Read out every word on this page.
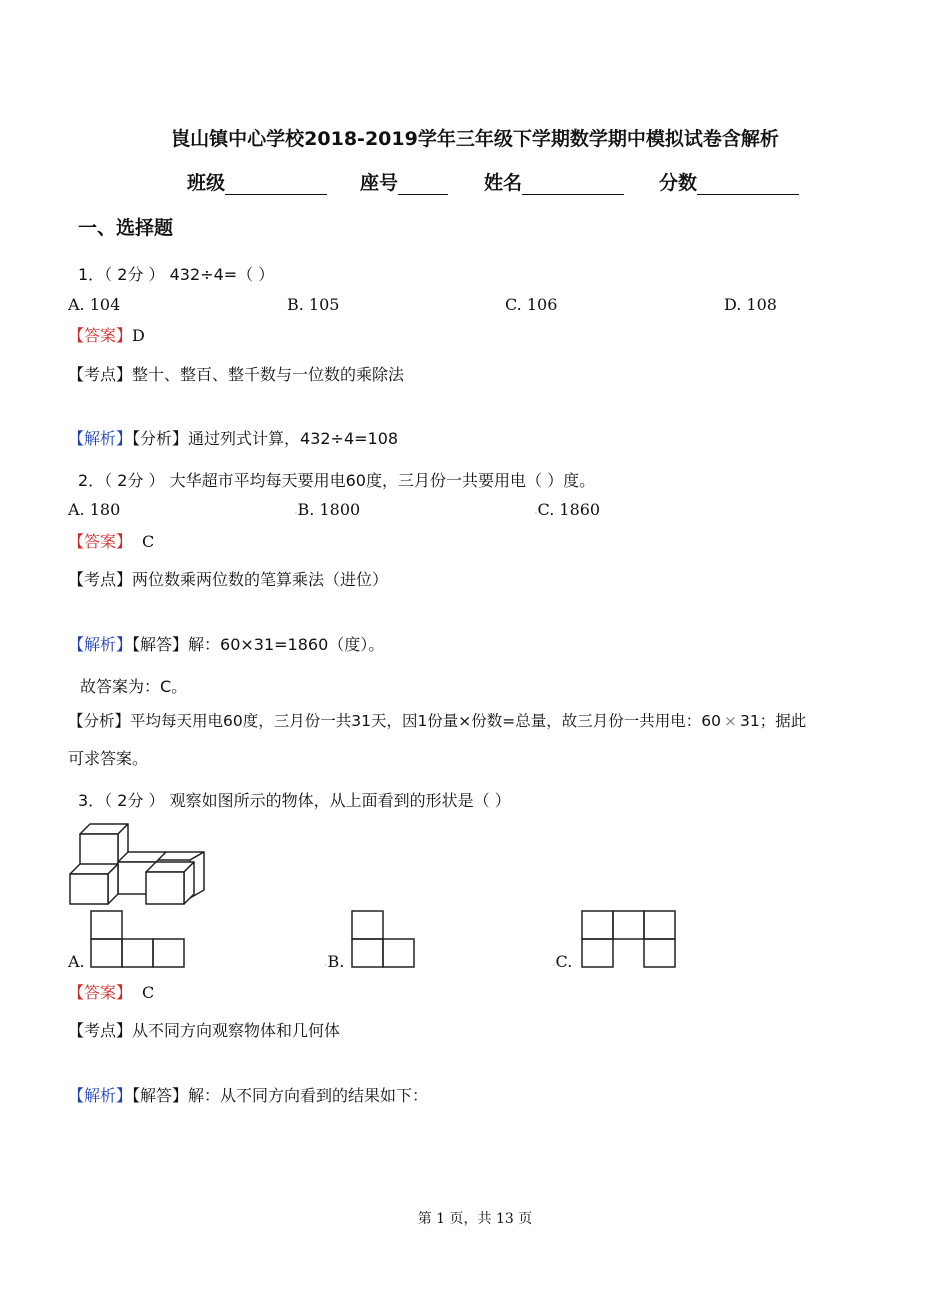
崀山镇中心学校2018-2019学年三年级下学期数学期中模拟试卷含解析
班级	座号	姓名	分数
一、选择题
1．（ 2分 ） 432÷4=（ ）
A. 104	B. 105	C. 106	D. 108
【答案】D
【考点】整十、整百、整千数与一位数的乘除法
【解析】【分析】通过列式计算，432÷4=108
2．（ 2分 ） 大华超市平均每天要用电60度，三月份一共要用电（ ）度。
A. 180	◦B. 1800	◦C. 1860
【答案】 C
【考点】两位数乘两位数的笔算乘法（进位）
【解析】【解答】解：60×31=1860（度）。
故答案为：C。
【分析】平均每天用电60度，三月份一共31天，因1份量×份数=总量，故三月份一共用电：60 × 31；据此
可求答案。
3．（ 2分 ） 观察如图所示的物体，从上面看到的形状是（ ）
A.	◦B.	◦C.
【答案】 C
【考点】从不同方向观察物体和几何体
【解析】【解答】解：从不同方向看到的结果如下：
第 1 页，共 13 页
